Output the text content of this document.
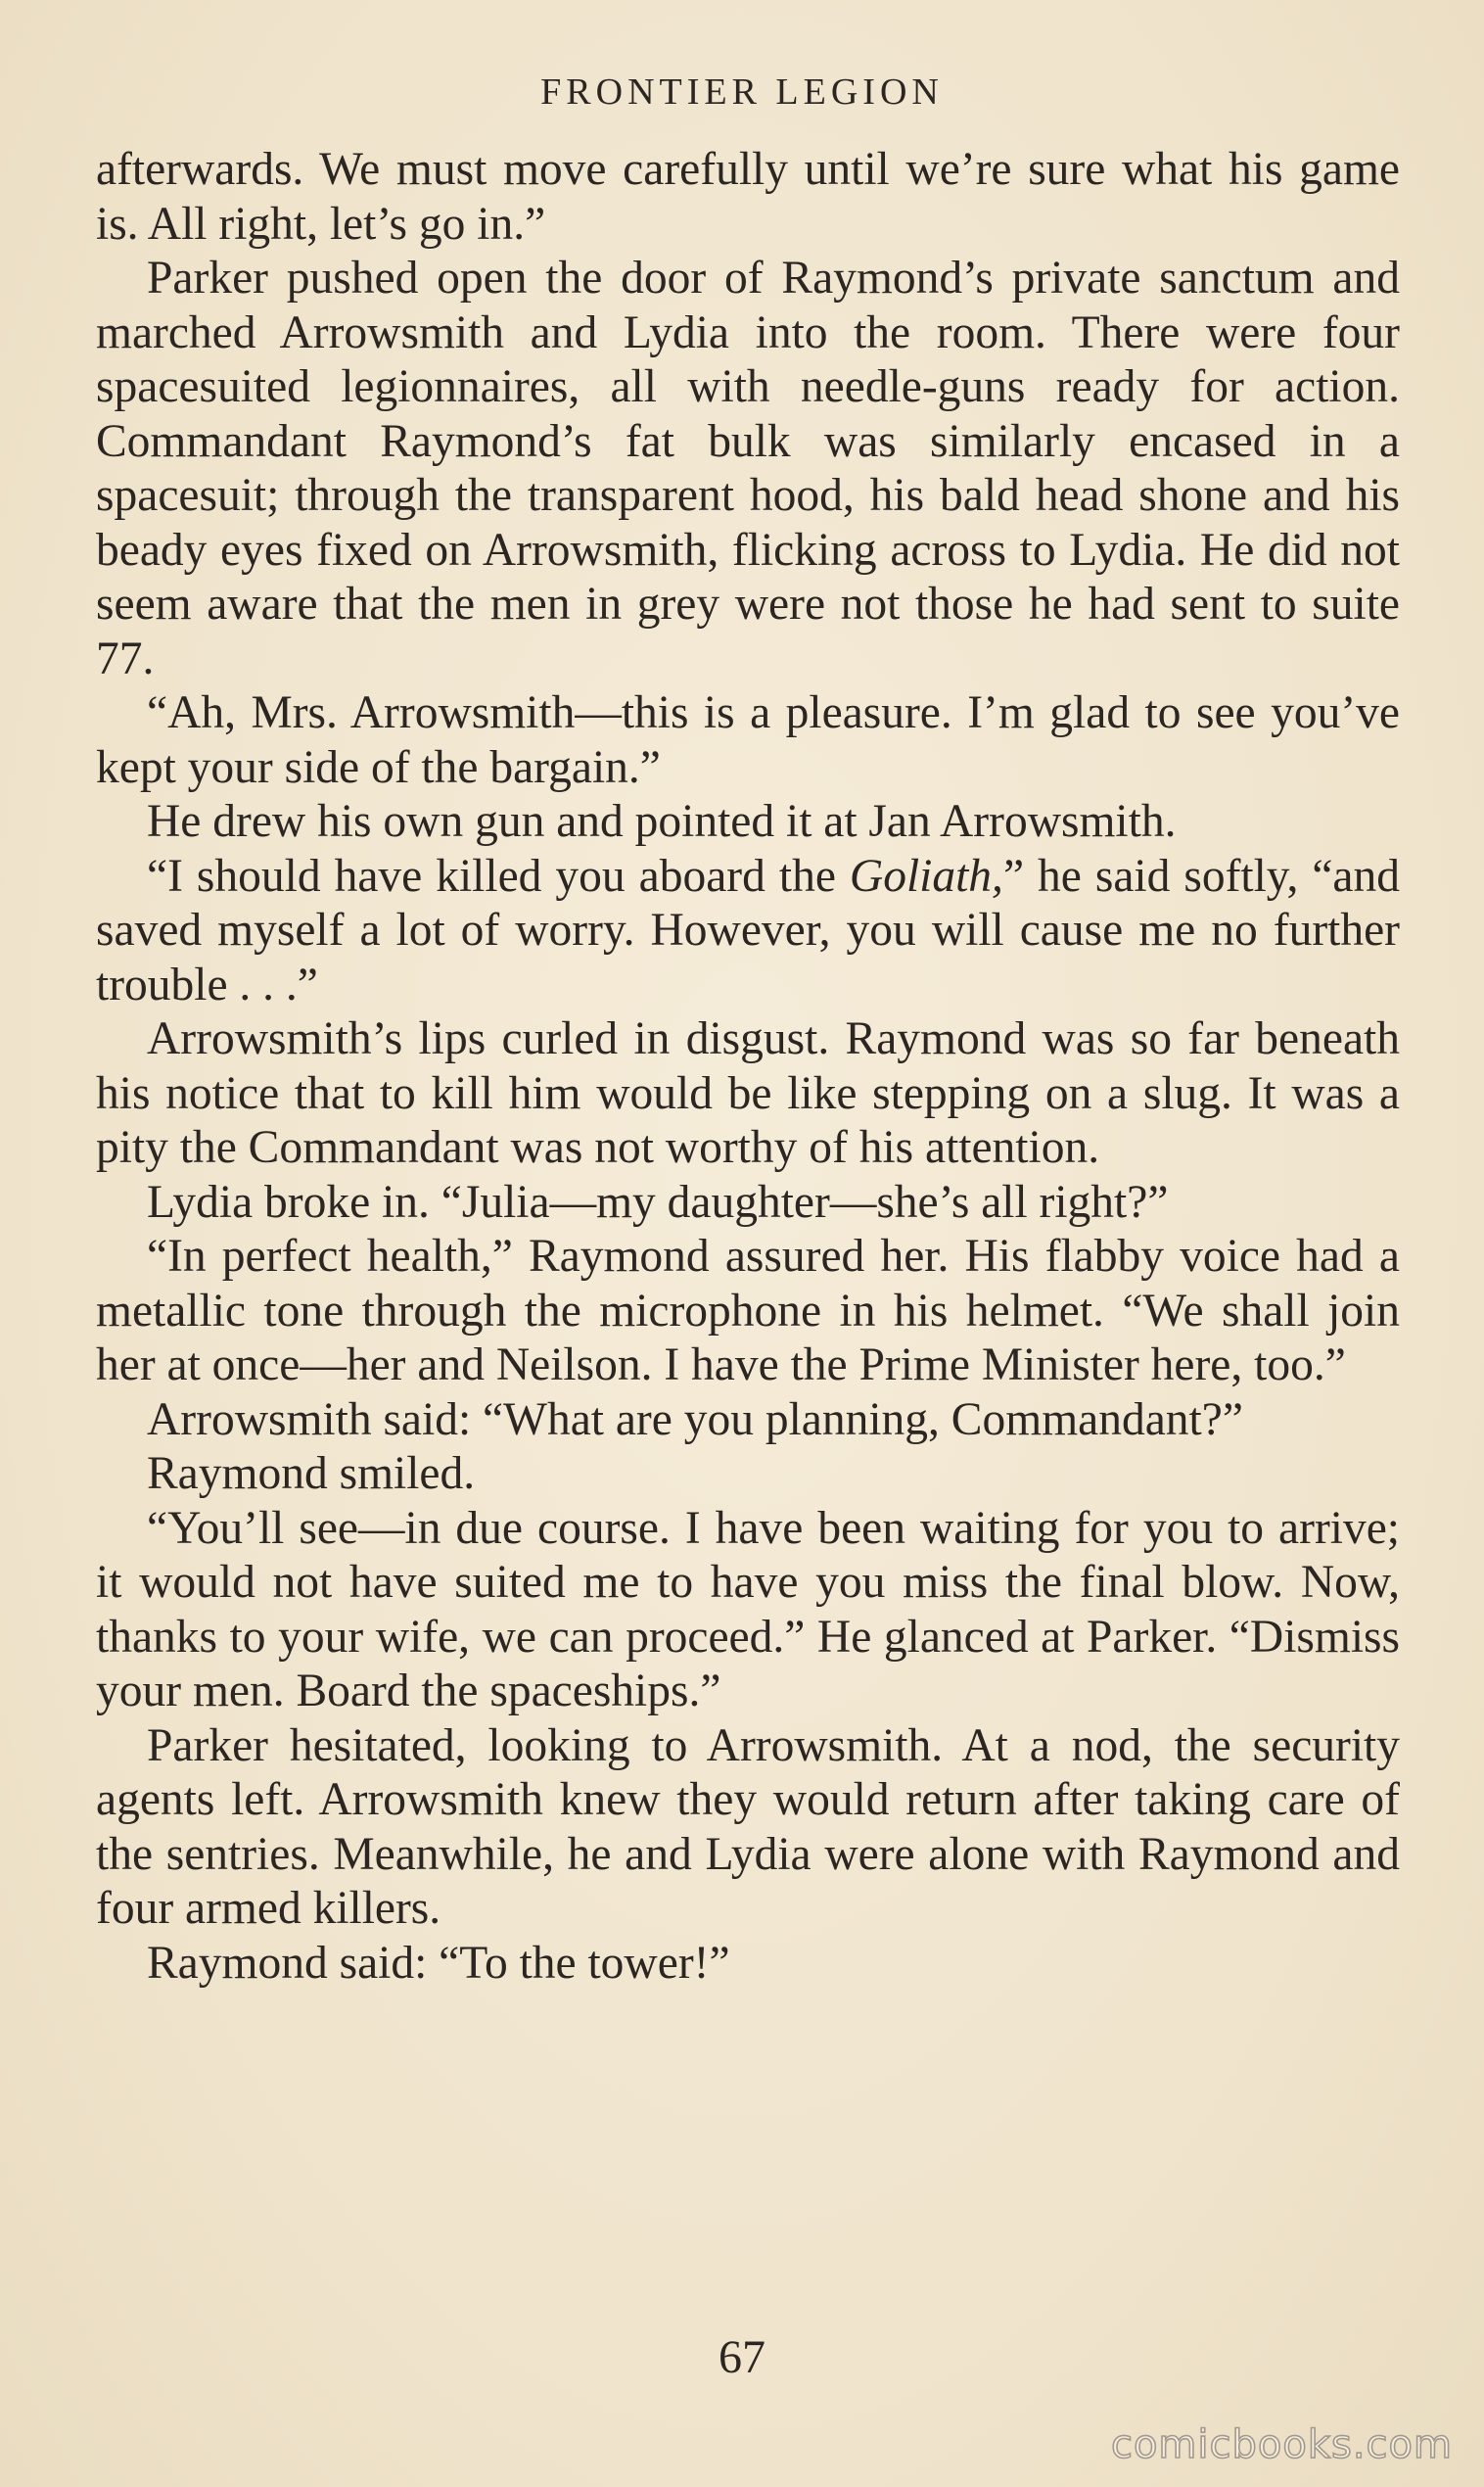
FRONTIER LEGION

afterwards. We must move carefully until we’re sure what his game is. All right, let’s go in.”

Parker pushed open the door of Raymond’s private sanctum and marched Arrowsmith and Lydia into the room. There were four spacesuited legionnaires, all with needle-guns ready for action. Commandant Raymond’s fat bulk was similarly encased in a spacesuit; through the transparent hood, his bald head shone and his beady eyes fixed on Arrowsmith, flicking across to Lydia. He did not seem aware that the men in grey were not those he had sent to suite 77.

“Ah, Mrs. Arrowsmith—this is a pleasure. I’m glad to see you’ve kept your side of the bargain.”

He drew his own gun and pointed it at Jan Arrowsmith.

“I should have killed you aboard the Goliath,” he said softly, “and saved myself a lot of worry. However, you will cause me no further trouble . . .”

Arrowsmith’s lips curled in disgust. Raymond was so far beneath his notice that to kill him would be like stepping on a slug. It was a pity the Commandant was not worthy of his attention.

Lydia broke in. “Julia—my daughter—she’s all right?”

“In perfect health,” Raymond assured her. His flabby voice had a metallic tone through the microphone in his helmet. “We shall join her at once—her and Neilson. I have the Prime Minister here, too.”

Arrowsmith said: “What are you planning, Commandant?”

Raymond smiled.

“You’ll see—in due course. I have been waiting for you to arrive; it would not have suited me to have you miss the final blow. Now, thanks to your wife, we can proceed.” He glanced at Parker. “Dismiss your men. Board the spaceships.”

Parker hesitated, looking to Arrowsmith. At a nod, the security agents left. Arrowsmith knew they would return after taking care of the sentries. Meanwhile, he and Lydia were alone with Raymond and four armed killers.

Raymond said: “To the tower!”

67
comicbooks.com
